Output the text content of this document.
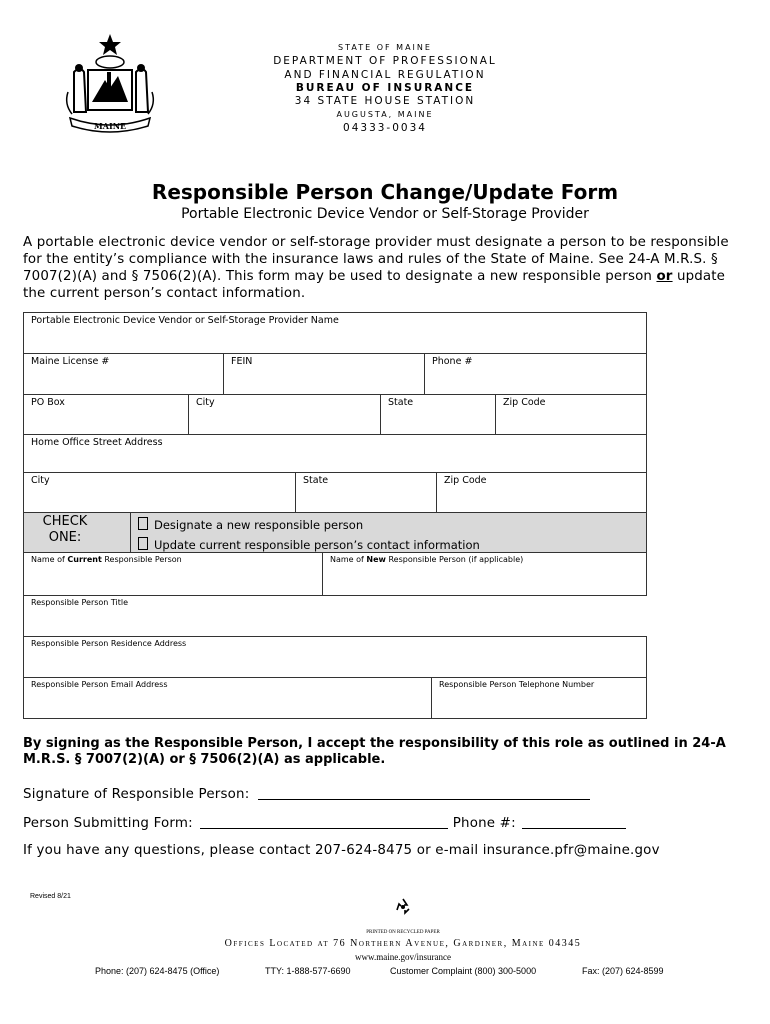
MAINE
STATE OF MAINE
DEPARTMENT OF PROFESSIONAL
AND FINANCIAL REGULATION
BUREAU OF INSURANCE
34 STATE HOUSE STATION
AUGUSTA, MAINE
04333-0034
Responsible Person Change/Update Form
Portable Electronic Device Vendor or Self-Storage Provider
A portable electronic device vendor or self-storage provider must designate a person to be responsible for the entity’s compliance with the insurance laws and rules of the State of Maine. See 24-A M.R.S. § 7007(2)(A) and § 7506(2)(A). This form may be used to designate a new responsible person or update the current person’s contact information.
Portable Electronic Device Vendor or Self-Storage Provider Name
Maine License #	FEIN	Phone #
PO Box	City	State	Zip Code
Home Office Street Address
City	State	Zip Code
CHECK
ONE:
Designate a new responsible person
Update current responsible person’s contact information
Name of Current Responsible Person	Name of New Responsible Person (if applicable)
Responsible Person Title
Responsible Person Residence Address
Responsible Person Email Address	Responsible Person Telephone Number
By signing as the Responsible Person, I accept the responsibility of this role as outlined in 24-A M.R.S. § 7007(2)(A) or § 7506(2)(A) as applicable.
Signature of Responsible Person:
Person Submitting Form:	Phone #:
If you have any questions, please contact 207-624-8475 or e-mail insurance.pfr@maine.gov
Revised 8/21
PRINTED ON RECYCLED PAPER
Offices Located at 76 Northern Avenue, Gardiner, Maine 04345
www.maine.gov/insurance
Phone: (207) 624-8475 (Office)	TTY: 1-888-577-6690	Customer Complaint (800) 300-5000	Fax: (207) 624-8599
